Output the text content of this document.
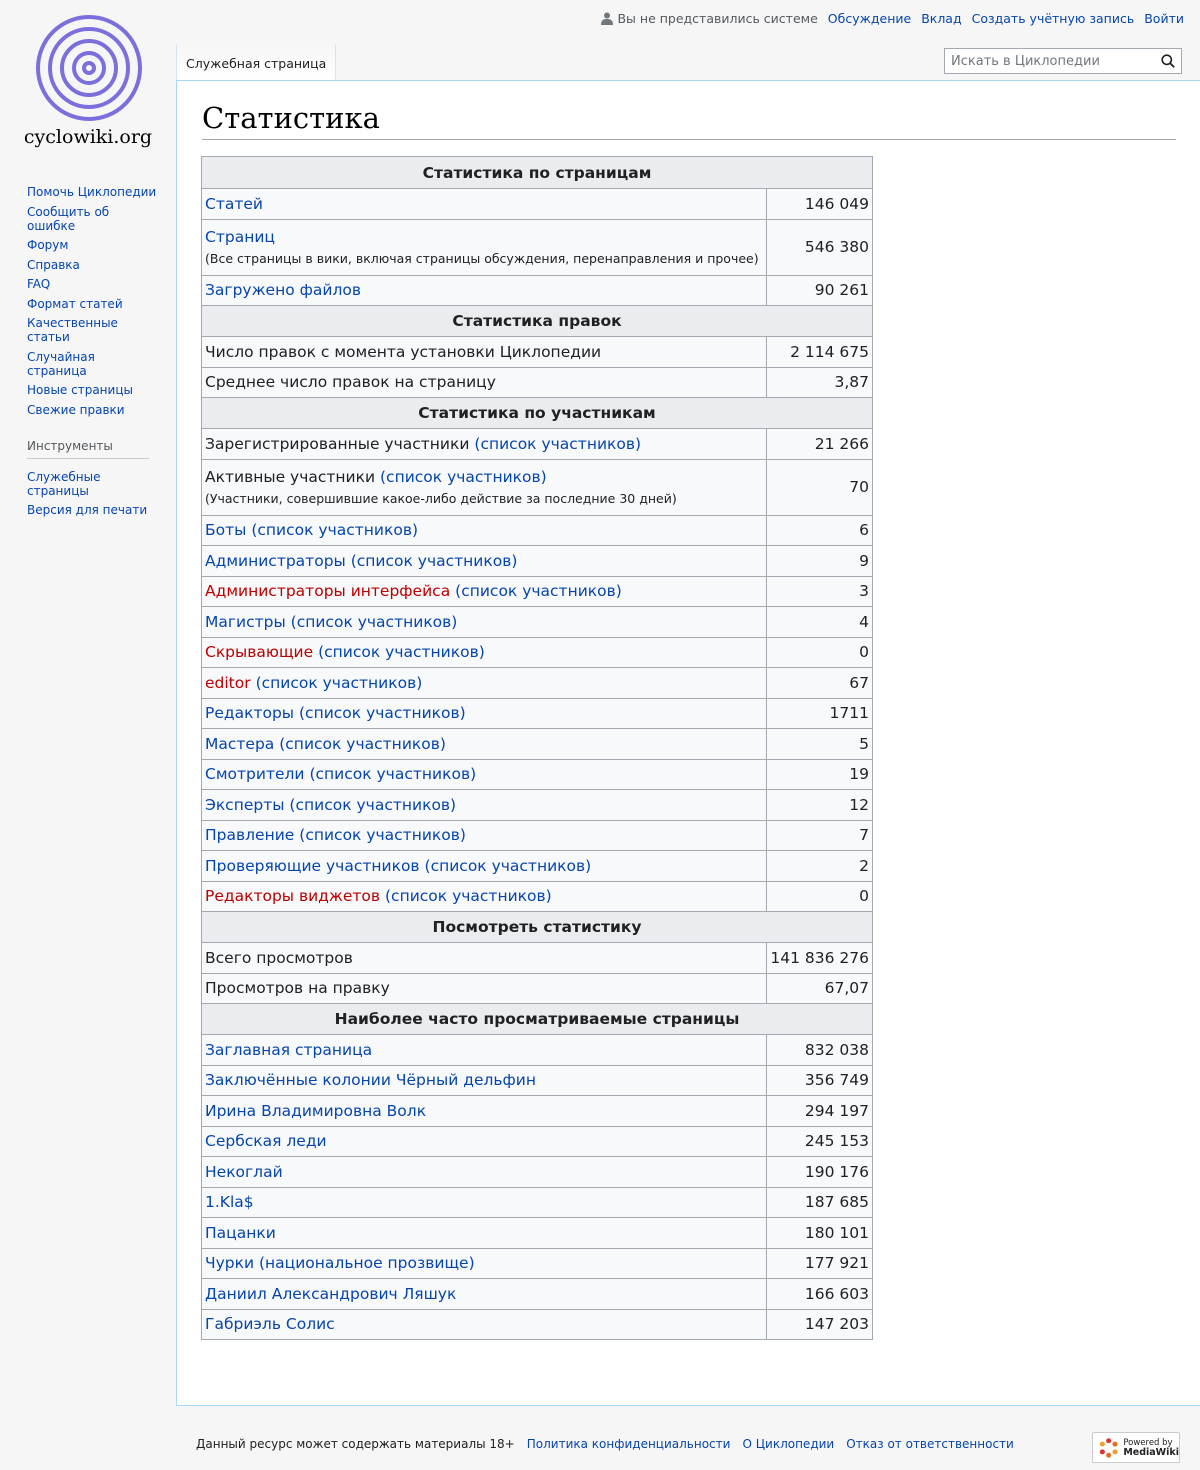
cyclowiki.org
Помочь Циклопедии
Сообщить об ошибке
Форум
Справка
FAQ
Формат статей
Качественные статьи
Случайная страница
Новые страницы
Свежие правки
Инструменты
Служебные страницы
Версия для печати
Вы не представились системе Обсуждение Вклад Создать учётную запись Войти
Служебная страница
Искать в Циклопедии
Статистика
Статистика по страницам	
Статей	146 049
Страниц
(Все страницы в вики, включая страницы обсуждения, перенаправления и прочее)	546 380
Загружено файлов	90 261
Статистика правок	
Число правок с момента установки Циклопедии	2 114 675
Среднее число правок на страницу	3,87
Статистика по участникам	
Зарегистрированные участники (список участников)	21 266
Активные участники (список участников)
(Участники, совершившие какое-либо действие за последние 30 дней)	70
Боты (список участников)	6
Администраторы (список участников)	9
Администраторы интерфейса (список участников)	3
Магистры (список участников)	4
Скрывающие (список участников)	0
editor (список участников)	67
Редакторы (список участников)	1711
Мастера (список участников)	5
Смотрители (список участников)	19
Эксперты (список участников)	12
Правление (список участников)	7
Проверяющие участников (список участников)	2
Редакторы виджетов (список участников)	0
Посмотреть статистику	
Всего просмотров	141 836 276
Просмотров на правку	67,07
Наиболее часто просматриваемые страницы	
Заглавная страница	832 038
Заключённые колонии Чёрный дельфин	356 749
Ирина Владимировна Волк	294 197
Сербская леди	245 153
Некоглай	190 176
1.Kla$	187 685
Пацанки	180 101
Чурки (национальное прозвище)	177 921
Даниил Александрович Ляшук	166 603
Габриэль Солис	147 203
Данный ресурс может содержать материалы 18+ Политика конфиденциальности О Циклопедии Отказ от ответственности	Powered by
MediaWiki
